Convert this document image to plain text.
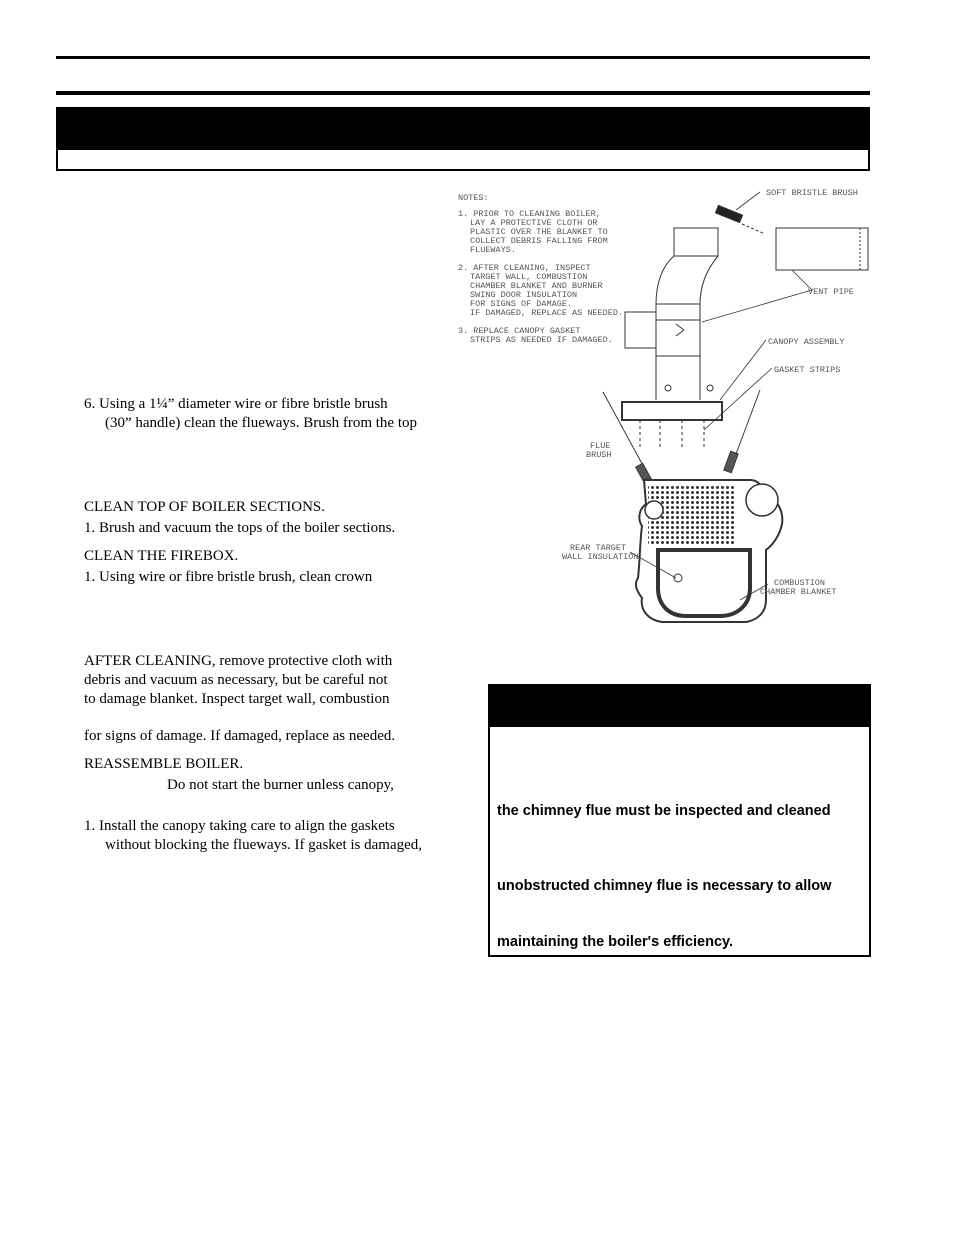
6. Using a 1¼” diameter wire or fibre bristle brush
(30” handle) clean the flueways. Brush from the top
CLEAN TOP OF BOILER SECTIONS.
1. Brush and vacuum the tops of the boiler sections.
CLEAN THE FIREBOX.
1. Using wire or fibre bristle brush, clean crown
AFTER CLEANING, remove protective cloth with
debris and vacuum as necessary, but be careful not
to damage blanket. Inspect target wall, combustion
for signs of damage. If damaged, replace as needed.
REASSEMBLE BOILER.
Do not start the burner unless canopy,
1. Install the canopy taking care to align the gaskets
without blocking the flueways. If gasket is damaged,
NOTES:
1. PRIOR TO CLEANING BOILER,
LAY A PROTECTIVE CLOTH OR
PLASTIC OVER THE BLANKET TO
COLLECT DEBRIS FALLING FROM
FLUEWAYS.
2. AFTER CLEANING, INSPECT
TARGET WALL, COMBUSTION
CHAMBER BLANKET AND BURNER
SWING DOOR INSULATION
FOR SIGNS OF DAMAGE.
IF DAMAGED, REPLACE AS NEEDED.
3. REPLACE CANOPY GASKET
STRIPS AS NEEDED IF DAMAGED.
SOFT BRISTLE BRUSH
VENT PIPE
CANOPY ASSEMBLY
GASKET STRIPS
FLUE
BRUSH
REAR TARGET
WALL INSULATION
COMBUSTION
CHAMBER BLANKET
the chimney flue must be inspected and cleaned
unobstructed chimney flue is necessary to allow
maintaining the boiler's efficiency.
